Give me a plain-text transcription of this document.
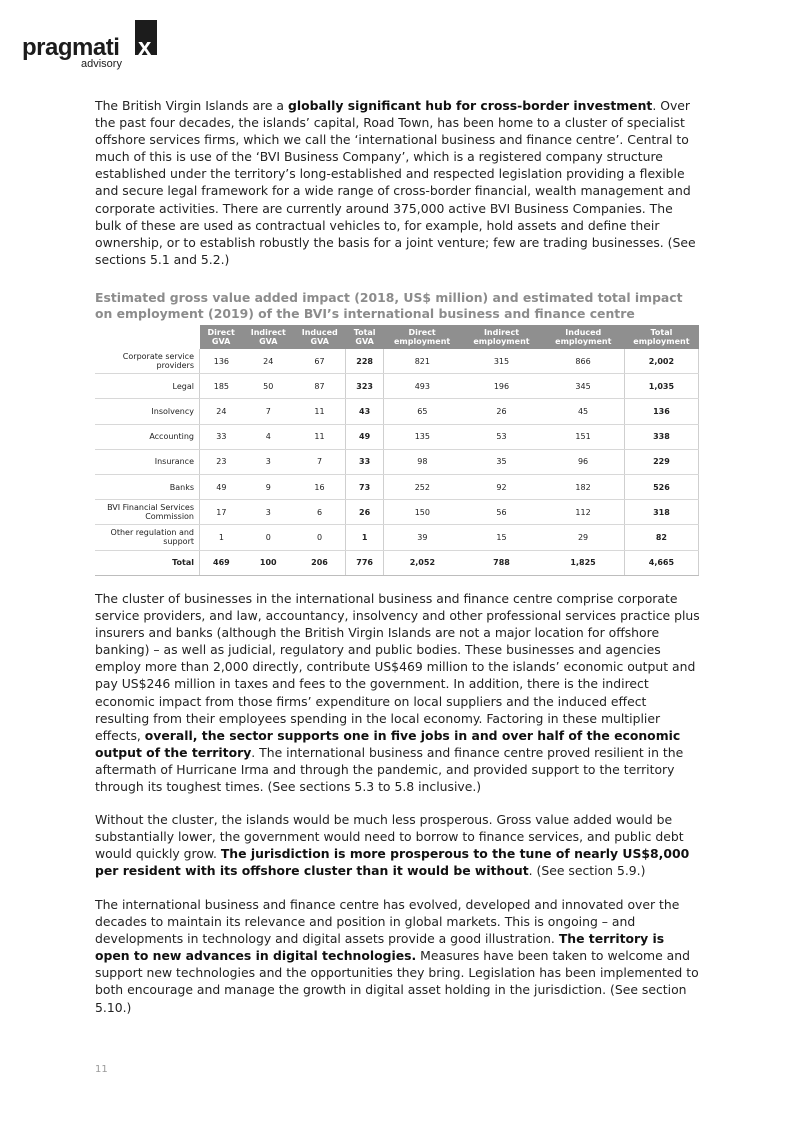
pragmati x
advisory

The British Virgin Islands are a globally significant hub for cross-border investment. Over the past four decades, the islands’ capital, Road Town, has been home to a cluster of specialist offshore services firms, which we call the ‘international business and finance centre’. Central to much of this is use of the ‘BVI Business Company’, which is a registered company structure established under the territory’s long-established and respected legislation providing a flexible and secure legal framework for a wide range of cross-border financial, wealth management and corporate activities. There are currently around 375,000 active BVI Business Companies. The bulk of these are used as contractual vehicles to, for example, hold assets and define their ownership, or to establish robustly the basis for a joint venture; few are trading businesses. (See sections 5.1 and 5.2.)

Estimated gross value added impact (2018, US$ million) and estimated total impact on employment (2019) of the BVI’s international business and finance centre

	Direct GVA	Indirect GVA	Induced GVA	Total GVA	Direct employment	Indirect employment	Induced employment	Total employment
Corporate service providers	136	24	67	228	821	315	866	2,002
Legal	185	50	87	323	493	196	345	1,035
Insolvency	24	7	11	43	65	26	45	136
Accounting	33	4	11	49	135	53	151	338
Insurance	23	3	7	33	98	35	96	229
Banks	49	9	16	73	252	92	182	526
BVI Financial Services Commission	17	3	6	26	150	56	112	318
Other regulation and support	1	0	0	1	39	15	29	82
Total	469	100	206	776	2,052	788	1,825	4,665

The cluster of businesses in the international business and finance centre comprise corporate service providers, and law, accountancy, insolvency and other professional services practice plus insurers and banks (although the British Virgin Islands are not a major location for offshore banking) – as well as judicial, regulatory and public bodies. These businesses and agencies employ more than 2,000 directly, contribute US$469 million to the islands’ economic output and pay US$246 million in taxes and fees to the government. In addition, there is the indirect economic impact from those firms’ expenditure on local suppliers and the induced effect resulting from their employees spending in the local economy. Factoring in these multiplier effects, overall, the sector supports one in five jobs in and over half of the economic output of the territory. The international business and finance centre proved resilient in the aftermath of Hurricane Irma and through the pandemic, and provided support to the territory through its toughest times. (See sections 5.3 to 5.8 inclusive.)

Without the cluster, the islands would be much less prosperous. Gross value added would be substantially lower, the government would need to borrow to finance services, and public debt would quickly grow. The jurisdiction is more prosperous to the tune of nearly US$8,000 per resident with its offshore cluster than it would be without. (See section 5.9.)

The international business and finance centre has evolved, developed and innovated over the decades to maintain its relevance and position in global markets. This is ongoing – and developments in technology and digital assets provide a good illustration. The territory is open to new advances in digital technologies. Measures have been taken to welcome and support new technologies and the opportunities they bring. Legislation has been implemented to both encourage and manage the growth in digital asset holding in the jurisdiction. (See section 5.10.)

11
